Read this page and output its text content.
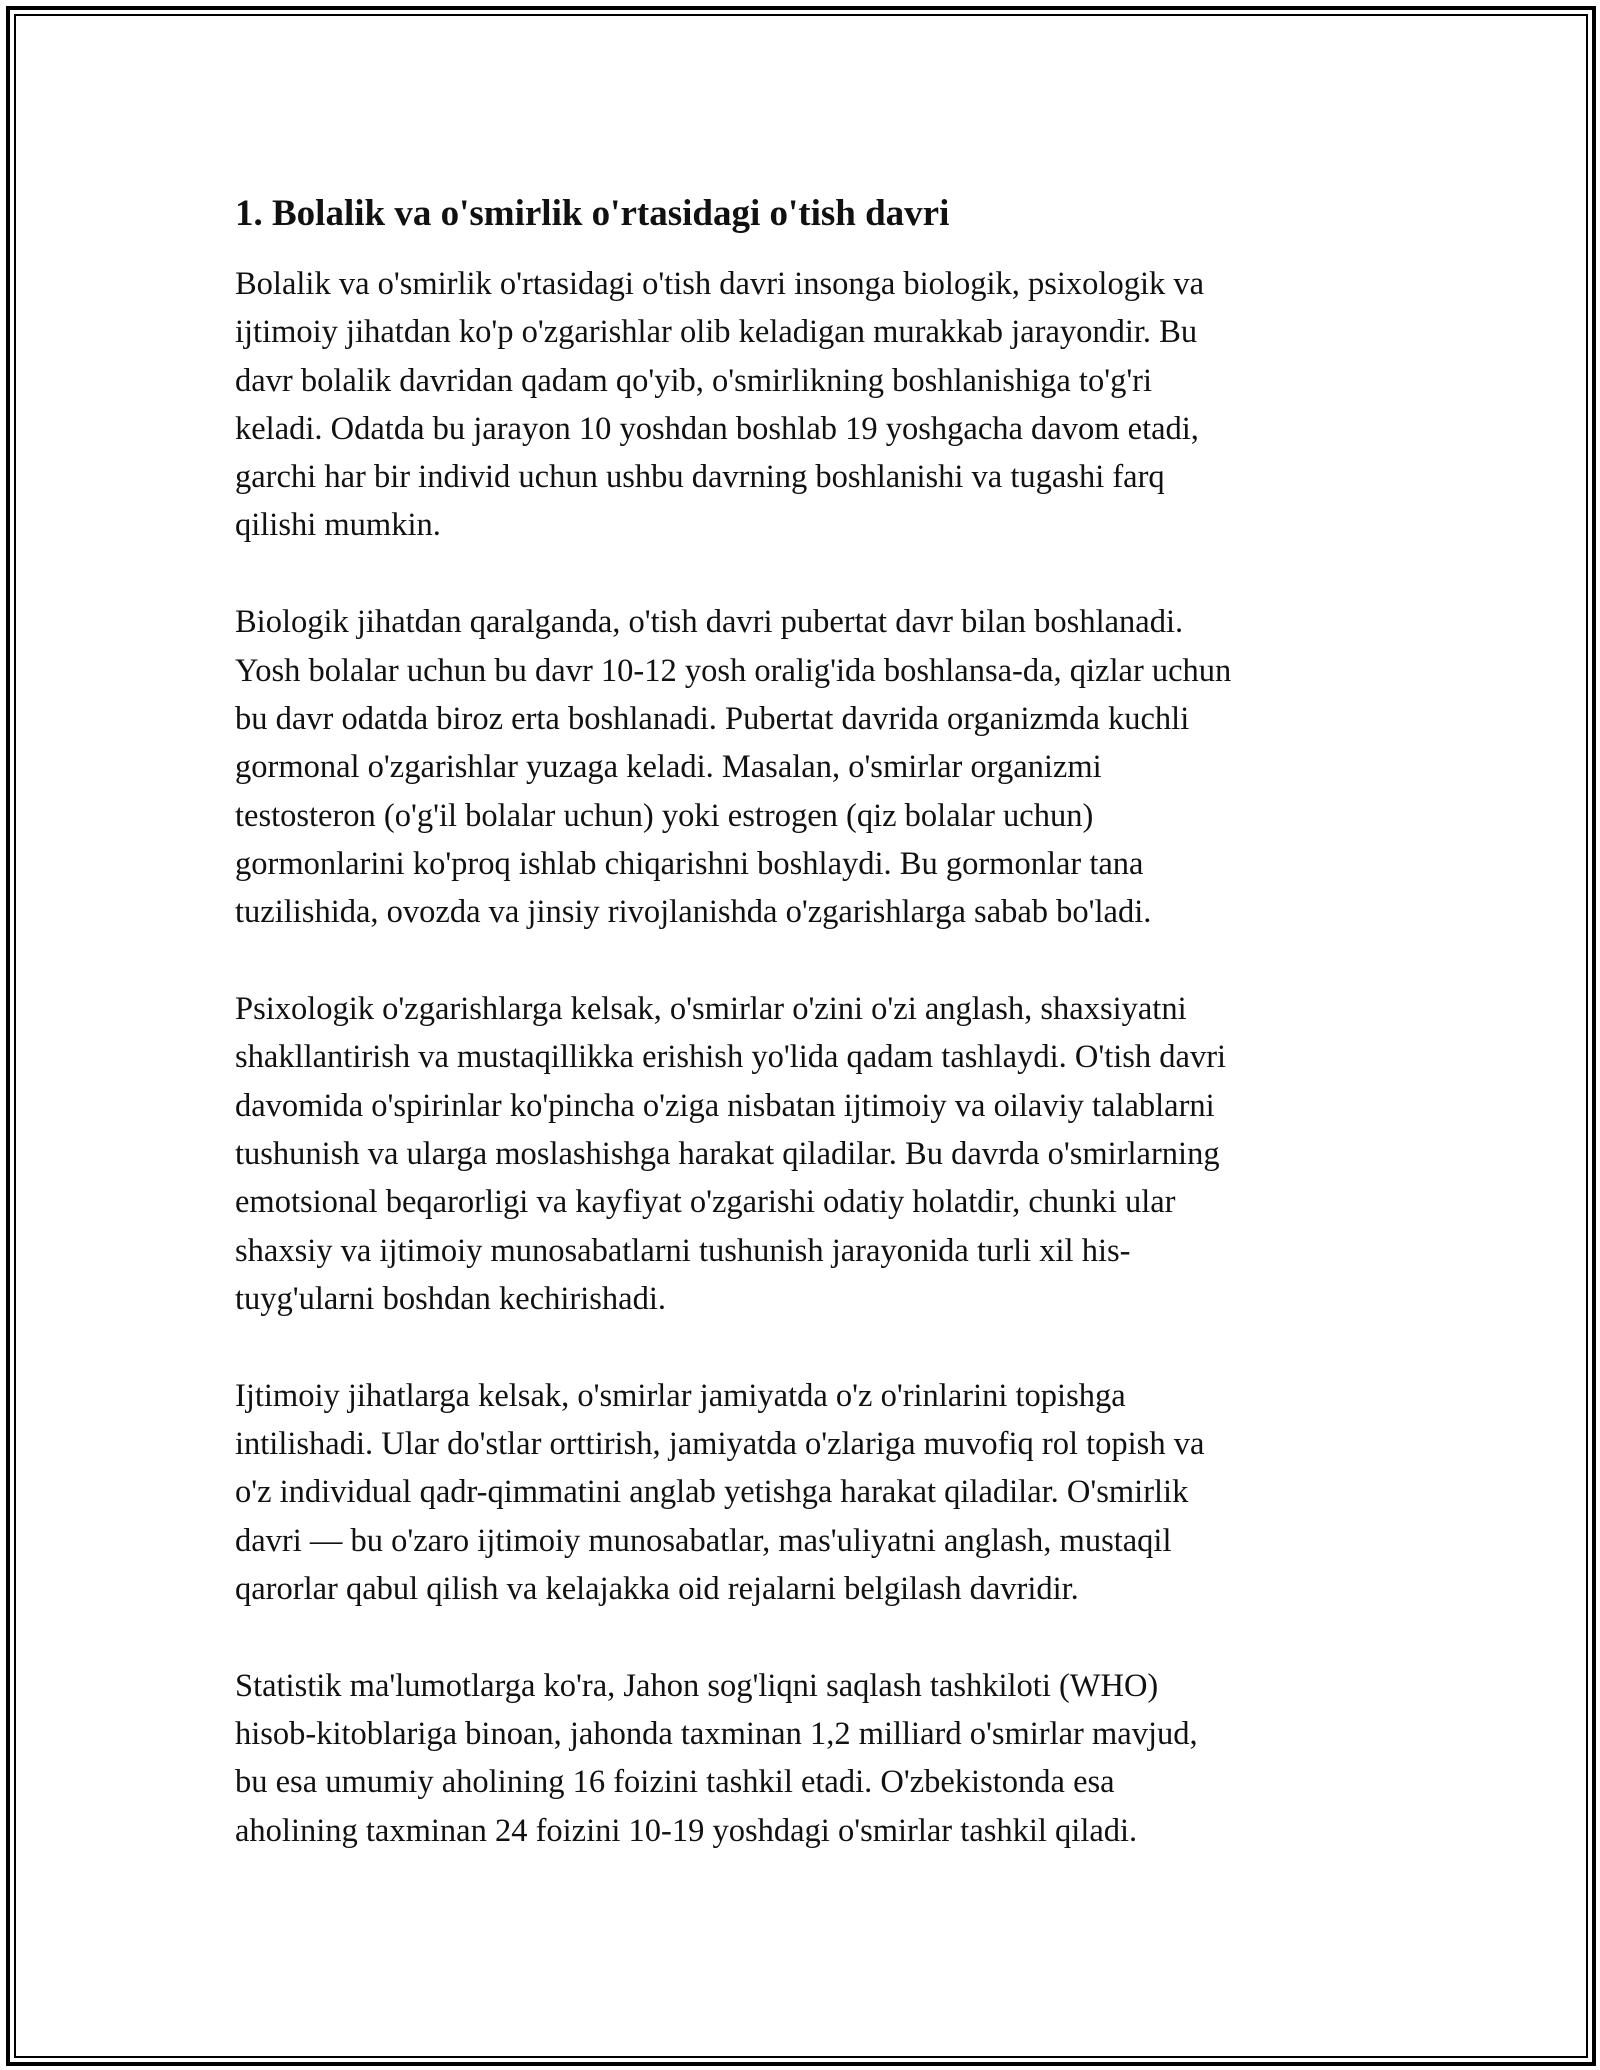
1. Bolalik va o'smirlik o'rtasidagi o'tish davri

Bolalik va o'smirlik o'rtasidagi o'tish davri insonga biologik, psixologik va
ijtimoiy jihatdan ko'p o'zgarishlar olib keladigan murakkab jarayondir. Bu
davr bolalik davridan qadam qo'yib, o'smirlikning boshlanishiga to'g'ri
keladi. Odatda bu jarayon 10 yoshdan boshlab 19 yoshgacha davom etadi,
garchi har bir individ uchun ushbu davrning boshlanishi va tugashi farq
qilishi mumkin.

Biologik jihatdan qaralganda, o'tish davri pubertat davr bilan boshlanadi.
Yosh bolalar uchun bu davr 10-12 yosh oralig'ida boshlansa-da, qizlar uchun
bu davr odatda biroz erta boshlanadi. Pubertat davrida organizmda kuchli
gormonal o'zgarishlar yuzaga keladi. Masalan, o'smirlar organizmi
testosteron (o'g'il bolalar uchun) yoki estrogen (qiz bolalar uchun)
gormonlarini ko'proq ishlab chiqarishni boshlaydi. Bu gormonlar tana
tuzilishida, ovozda va jinsiy rivojlanishda o'zgarishlarga sabab bo'ladi.

Psixologik o'zgarishlarga kelsak, o'smirlar o'zini o'zi anglash, shaxsiyatni
shakllantirish va mustaqillikka erishish yo'lida qadam tashlaydi. O'tish davri
davomida o'spirinlar ko'pincha o'ziga nisbatan ijtimoiy va oilaviy talablarni
tushunish va ularga moslashishga harakat qiladilar. Bu davrda o'smirlarning
emotsional beqarorligi va kayfiyat o'zgarishi odatiy holatdir, chunki ular
shaxsiy va ijtimoiy munosabatlarni tushunish jarayonida turli xil his-
tuyg'ularni boshdan kechirishadi.

Ijtimoiy jihatlarga kelsak, o'smirlar jamiyatda o'z o'rinlarini topishga
intilishadi. Ular do'stlar orttirish, jamiyatda o'zlariga muvofiq rol topish va
o'z individual qadr-qimmatini anglab yetishga harakat qiladilar. O'smirlik
davri — bu o'zaro ijtimoiy munosabatlar, mas'uliyatni anglash, mustaqil
qarorlar qabul qilish va kelajakka oid rejalarni belgilash davridir.

Statistik ma'lumotlarga ko'ra, Jahon sog'liqni saqlash tashkiloti (WHO)
hisob-kitoblariga binoan, jahonda taxminan 1,2 milliard o'smirlar mavjud,
bu esa umumiy aholining 16 foizini tashkil etadi. O'zbekistonda esa
aholining taxminan 24 foizini 10-19 yoshdagi o'smirlar tashkil qiladi.
